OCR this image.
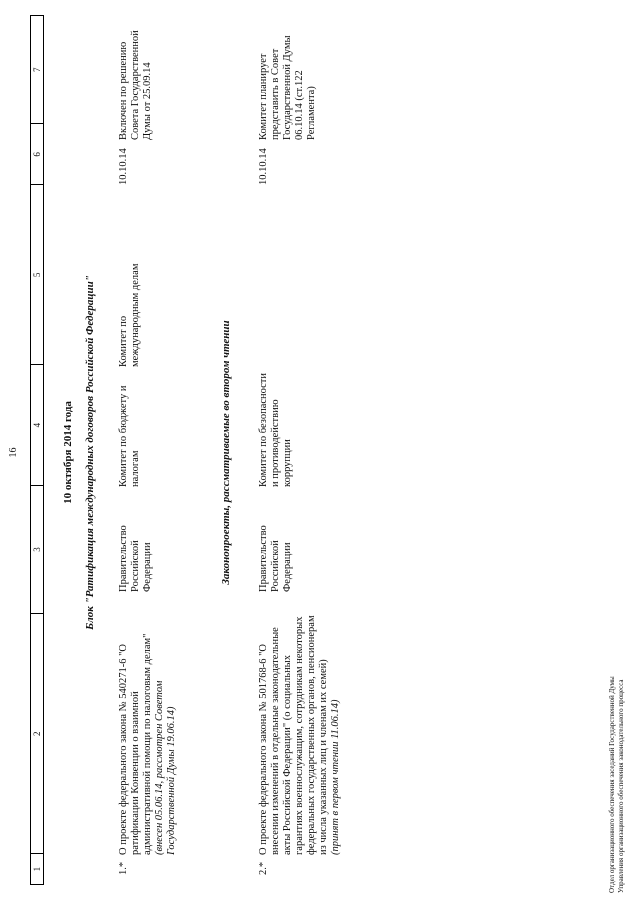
16
1
2
3
4
5
6
7
10 октября 2014 года Блок "Ратификация международных договоров Российской Федерации"
1.*
О проекте федерального закона № 540271-6 "О ратификации Конвенции о взаимной административной помощи по налоговым делам"
(внесен 05.06.14, рассмотрен Советом Государственной Думы 19.06.14)
Правительство Российской Федерации
Комитет по бюджету и налогам
Комитет по международным делам
10.10.14
Включен по решению Совета Государственной Думы от 25.09.14
Законопроекты, рассматриваемые во втором чтении
2.*
О проекте федерального закона № 501768-6 "О внесении изменений в отдельные законодательные акты Российской Федерации" (о социальных гарантиях военнослужащим, сотрудникам некоторых федеральных государственных органов, пенсионерам из числа указанных лиц и членам их семей)
(принят в первом чтении 11.06.14)
Правительство Российской Федерации
Комитет по безопасности и противодействию коррупции
10.10.14
Комитет планирует представить в Совет Государственной Думы 06.10.14 (ст.122 Регламента)
Отдел организационного обеспечения заседаний Государственной Думы Управления организационного обеспечения законодательного процесса
